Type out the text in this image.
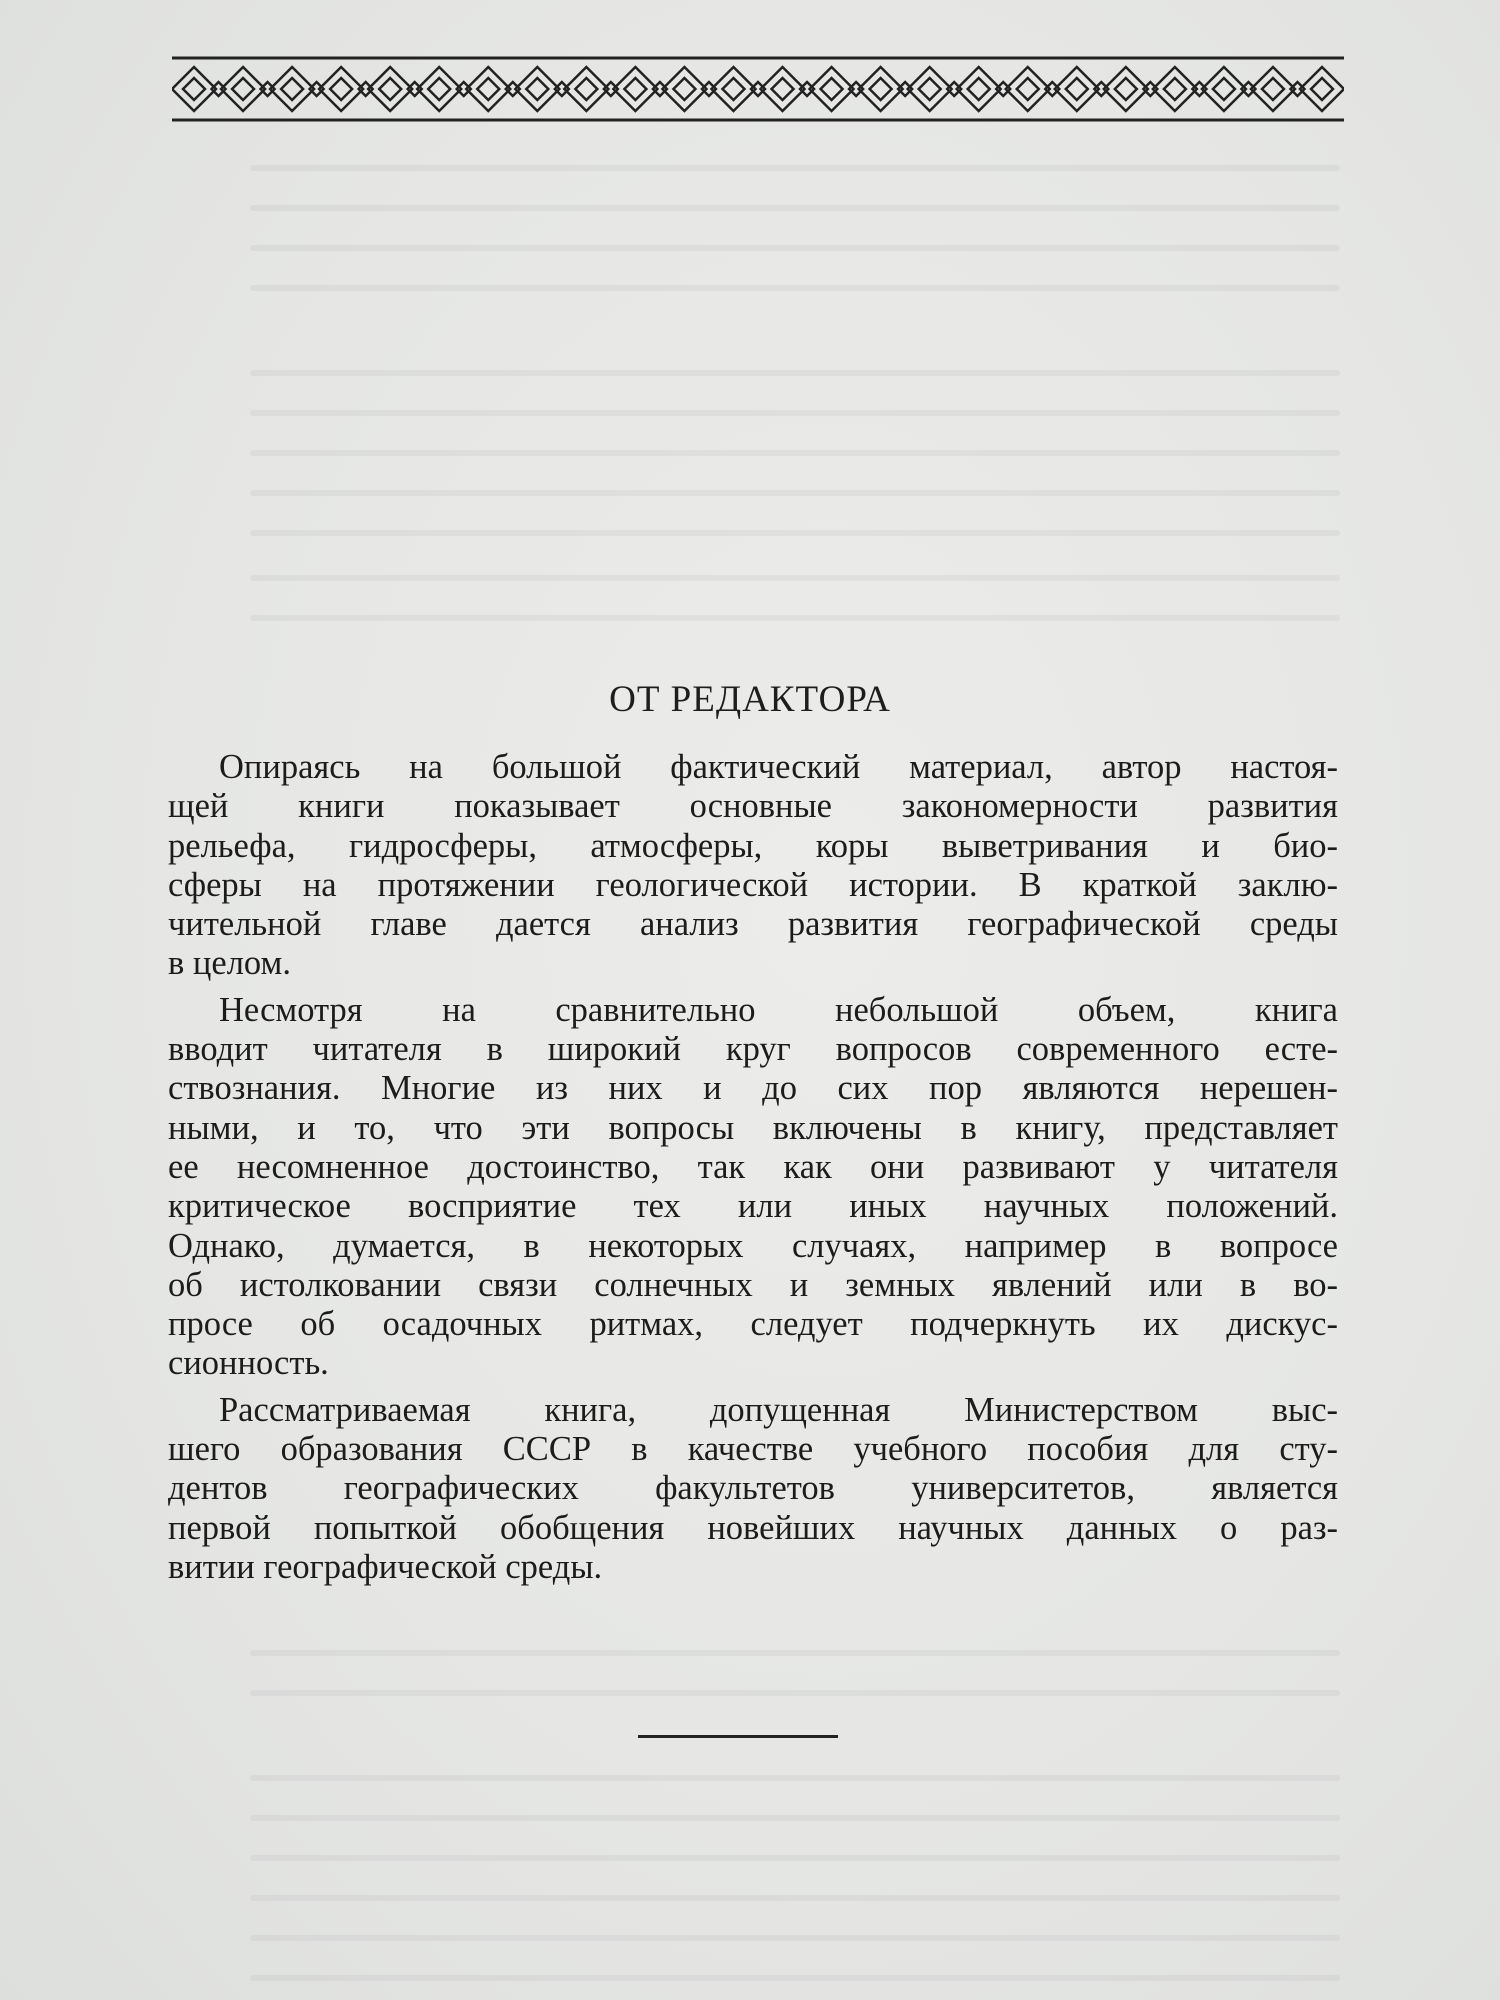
ОТ РЕДАКТОРА
Опираясь на большой фактический материал, автор настоя-
щей книги показывает основные закономерности развития
рельефа, гидросферы, атмосферы, коры выветривания и био-
сферы на протяжении геологической истории. В краткой заклю-
чительной главе дается анализ развития географической среды
в целом.
Несмотря на сравнительно небольшой объем, книга
вводит читателя в широкий круг вопросов современного есте-
ствознания. Многие из них и до сих пор являются нерешен-
ными, и то, что эти вопросы включены в книгу, представляет
ее несомненное достоинство, так как они развивают у читателя
критическое восприятие тех или иных научных положений.
Однако, думается, в некоторых случаях, например в вопросе
об истолковании связи солнечных и земных явлений или в во-
просе об осадочных ритмах, следует подчеркнуть их дискус-
сионность.
Рассматриваемая книга, допущенная Министерством выс-
шего образования СССР в качестве учебного пособия для сту-
дентов географических факультетов университетов, является
первой попыткой обобщения новейших научных данных о раз-
витии географической среды.
